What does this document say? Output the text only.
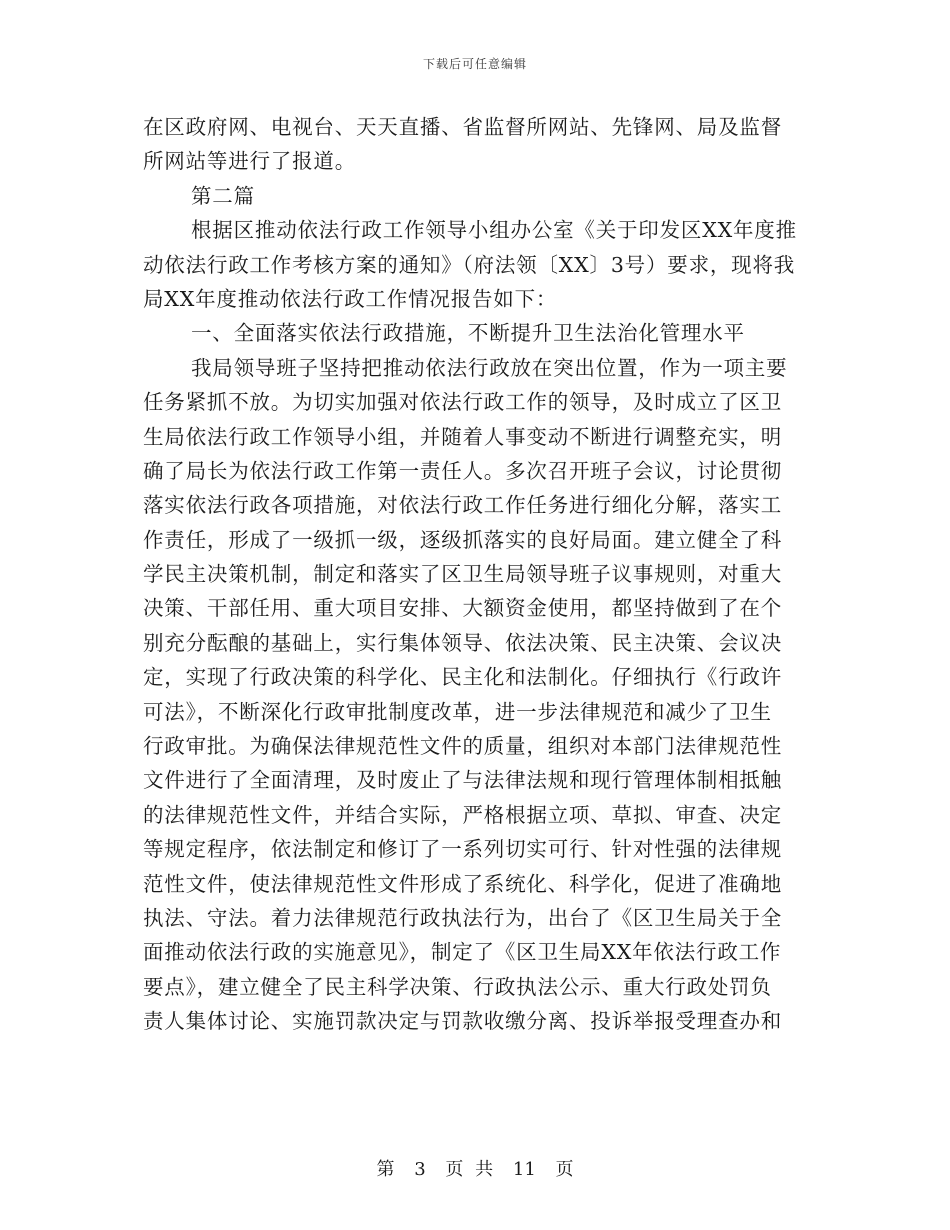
下载后可任意编辑
在区政府网、电视台、天天直播、省监督所网站、先锋网、局及监督
所网站等进行了报道。
第二篇
根据区推动依法行政工作领导小组办公室《关于印发区XX年度推
动依法行政工作考核方案的通知》（府法领〔XX〕3号）要求，现将我
局XX年度推动依法行政工作情况报告如下：
一、全面落实依法行政措施，不断提升卫生法治化管理水平
我局领导班子坚持把推动依法行政放在突出位置，作为一项主要
任务紧抓不放。为切实加强对依法行政工作的领导，及时成立了区卫
生局依法行政工作领导小组，并随着人事变动不断进行调整充实，明
确了局长为依法行政工作第一责任人。多次召开班子会议，讨论贯彻
落实依法行政各项措施，对依法行政工作任务进行细化分解，落实工
作责任，形成了一级抓一级，逐级抓落实的良好局面。建立健全了科
学民主决策机制，制定和落实了区卫生局领导班子议事规则，对重大
决策、干部任用、重大项目安排、大额资金使用，都坚持做到了在个
别充分酝酿的基础上，实行集体领导、依法决策、民主决策、会议决
定，实现了行政决策的科学化、民主化和法制化。仔细执行《行政许
可法》，不断深化行政审批制度改革，进一步法律规范和减少了卫生
行政审批。为确保法律规范性文件的质量，组织对本部门法律规范性
文件进行了全面清理，及时废止了与法律法规和现行管理体制相抵触
的法律规范性文件，并结合实际，严格根据立项、草拟、审查、决定
等规定程序，依法制定和修订了一系列切实可行、针对性强的法律规
范性文件，使法律规范性文件形成了系统化、科学化，促进了准确地
执法、守法。着力法律规范行政执法行为，出台了《区卫生局关于全
面推动依法行政的实施意见》，制定了《区卫生局XX年依法行政工作
要点》，建立健全了民主科学决策、行政执法公示、重大行政处罚负
责人集体讨论、实施罚款决定与罚款收缴分离、投诉举报受理查办和
第 3 页 共 11 页
